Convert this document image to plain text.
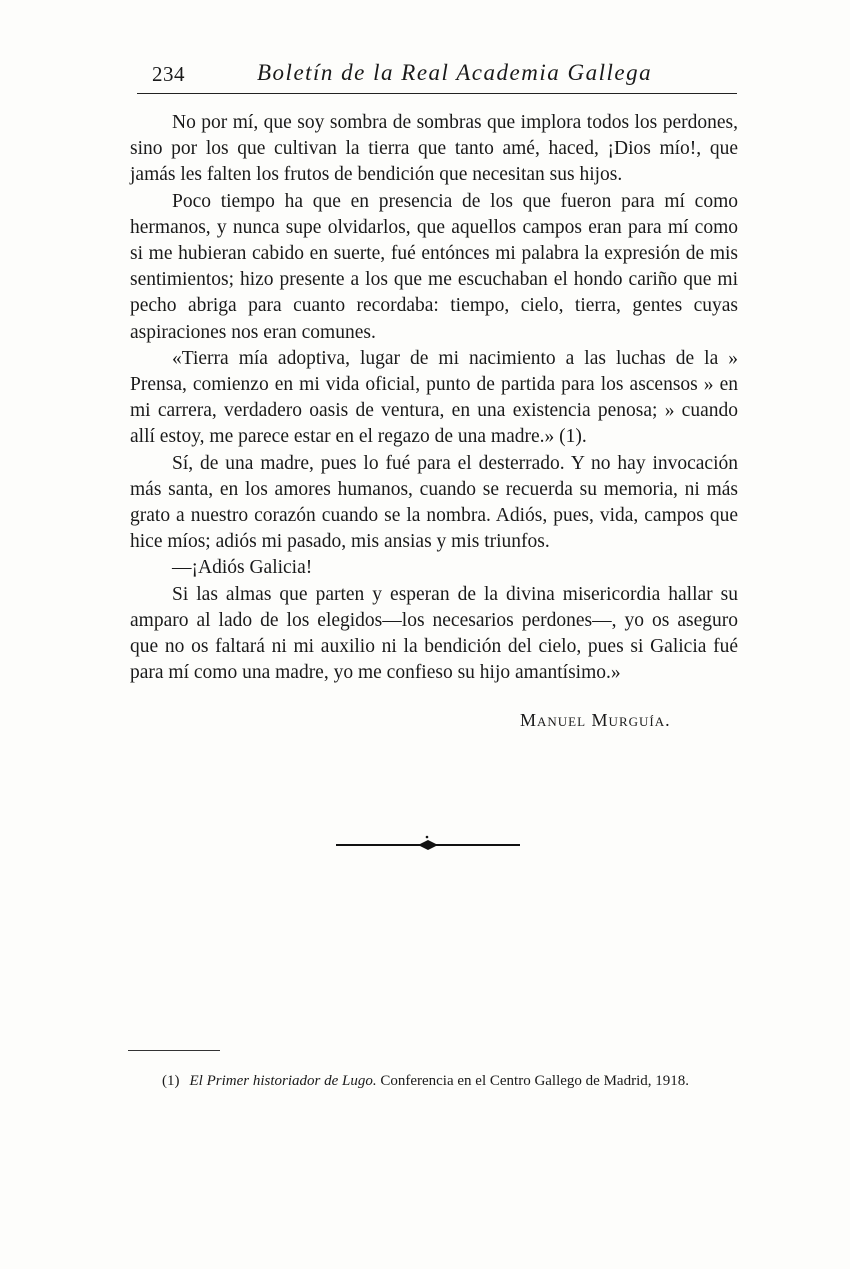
234	Boletín de la Real Academia Gallega

No por mí, que soy sombra de sombras que implora todos los perdones, sino por los que cultivan la tierra que tanto amé, haced, ¡Dios mío!, que jamás les falten los frutos de bendición que necesitan sus hijos.

Poco tiempo ha que en presencia de los que fueron para mí como hermanos, y nunca supe olvidarlos, que aquellos campos eran para mí como si me hubieran cabido en suerte, fué entónces mi palabra la expresión de mis sentimientos; hizo presente a los que me escuchaban el hondo cariño que mi pecho abriga para cuanto recordaba: tiempo, cielo, tierra, gentes cuyas aspiraciones nos eran comunes.

«Tierra mía adoptiva, lugar de mi nacimiento a las luchas de la » Prensa, comienzo en mi vida oficial, punto de partida para los ascensos » en mi carrera, verdadero oasis de ventura, en una existencia penosa; » cuando allí estoy, me parece estar en el regazo de una madre.» (1).

Sí, de una madre, pues lo fué para el desterrado. Y no hay invocación más santa, en los amores humanos, cuando se recuerda su memoria, ni más grato a nuestro corazón cuando se la nombra. Adiós, pues, vida, campos que hice míos; adiós mi pasado, mis ansias y mis triunfos.

—¡Adiós Galicia!

Si las almas que parten y esperan de la divina misericordia hallar su amparo al lado de los elegidos—los necesarios perdones—, yo os aseguro que no os faltará ni mi auxilio ni la bendición del cielo, pues si Galicia fué para mí como una madre, yo me confieso su hijo amantísimo.»

Manuel Murguía.
(1) El Primer historiador de Lugo. Conferencia en el Centro Gallego de Madrid, 1918.
